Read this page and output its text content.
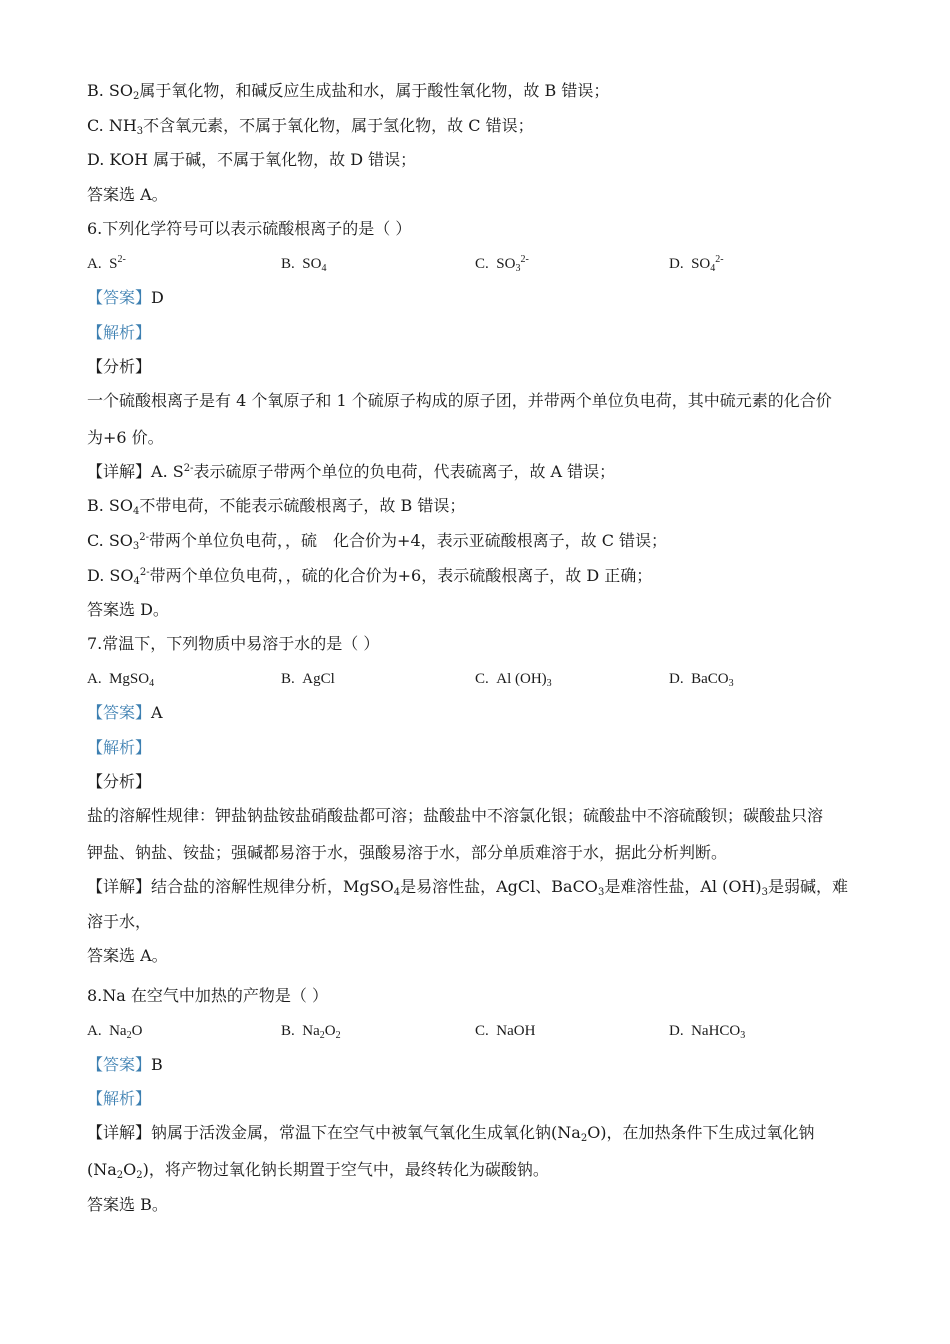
B. $SO_2$属于氧化物，和碱反应生成盐和水，属于酸性氧化物，故 B 错误；
C. $NH_3$不含氧元素，不属于氧化物，属于氢化物，故 C 错误；
D. KOH 属于碱，不属于氧化物，故 D 错误；
答案选 A。
6.下列化学符号可以表示硫酸根离子的是（ ）
A. $S^{2-}$	B. $SO_4$	C. $SO_3^{2-}$	D. $SO_4^{2-}$
【答案】D
【解析】
【分析】
一个硫酸根离子是有 4 个氧原子和 1 个硫原子构成的原子团，并带两个单位负电荷，其中硫元素的化合价
为+6 价。
【详解】A. $S^{2-}$表示硫原子带两个单位的负电荷，代表硫离子，故 A 错误；
B. $SO_4$不带电荷，不能表示硫酸根离子，故 B 错误；
C. $SO_3^{2-}$带两个单位负电荷，，硫　化合价为+4，表示亚硫酸根离子，故 C 错误；
D. $SO_4^{2-}$带两个单位负电荷，，硫的化合价为+6，表示硫酸根离子，故 D 正确；
答案选 D。
7.常温下，下列物质中易溶于水的是（ ）
A. MgSO$_4$	B. AgCl	C. Al $(OH)_3$	D. BaCO$_3$
【答案】A
【解析】
【分析】
盐的溶解性规律：钾盐钠盐铵盐硝酸盐都可溶；盐酸盐中不溶氯化银；硫酸盐中不溶硫酸钡；碳酸盐只溶
钾盐、钠盐、铵盐；强碱都易溶于水，强酸易溶于水，部分单质难溶于水，据此分析判断。
【详解】结合盐的溶解性规律分析，MgSO$_4$是易溶性盐，AgCl、BaCO$_3$是难溶性盐，Al $(OH)_3$是弱碱，难
溶于水，
答案选 A。
8.Na 在空气中加热的产物是（ ）
A. $Na_2O$	B. $Na_2O_2$	C. NaOH	D. NaHCO$_3$
【答案】B
【解析】
【详解】钠属于活泼金属，常温下在空气中被氧气氧化生成氧化钠$(Na_2O)$，在加热条件下生成过氧化钠
$(Na_2O_2)$，将产物过氧化钠长期置于空气中，最终转化为碳酸钠。
答案选 B。
